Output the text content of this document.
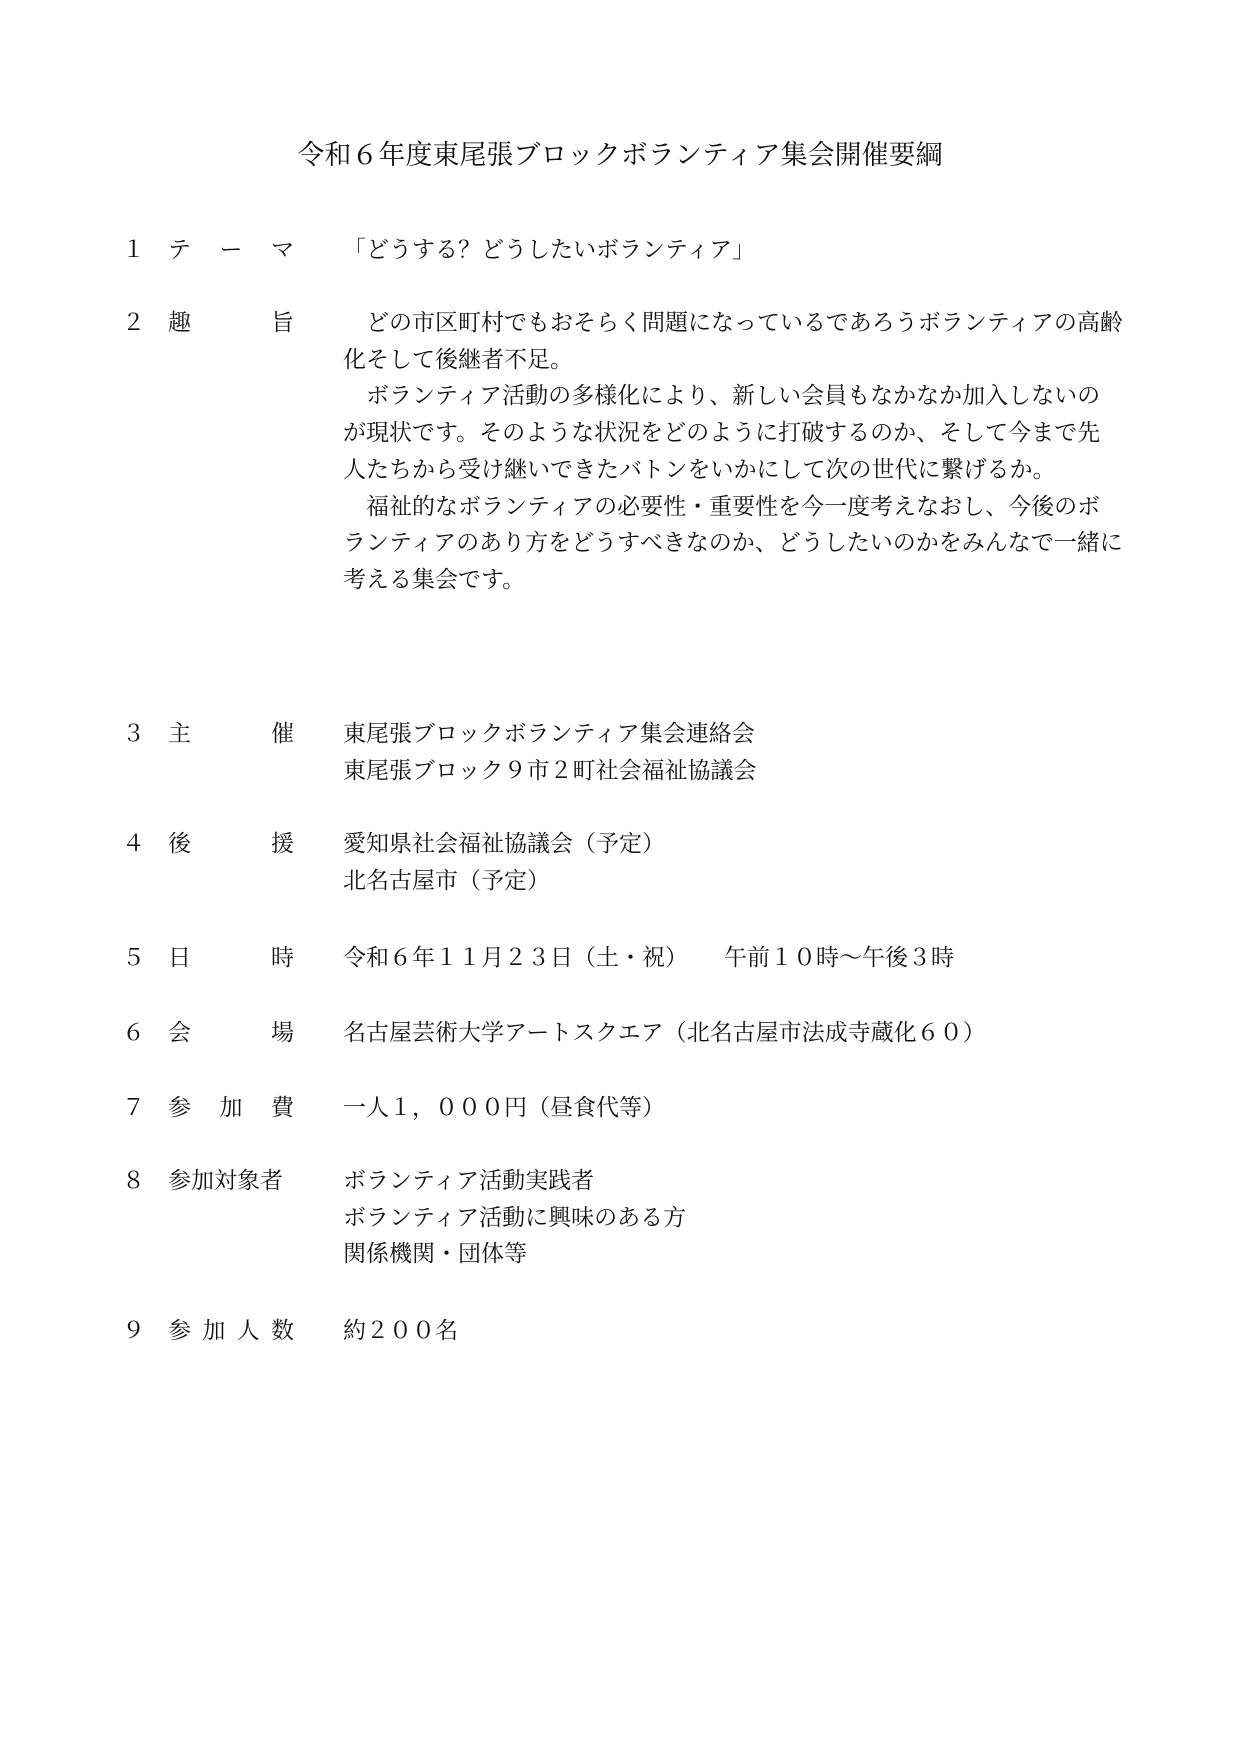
令和６年度東尾張ブロックボランティア集会開催要綱
１ テ ー マ 「どうする？どうしたいボランティア」
２ 趣	旨	どの市区町村でもおそらく問題になっているであろうボランティアの高齢化そして後継者不足。

ボランティア活動の多様化により、新しい会員もなかなか加入しないのが現状です。そのような状況をどのように打破するのか、そして今まで先人たちから受け継いできたバトンをいかにして次の世代に繋げるか。

福祉的なボランティアの必要性・重要性を今一度考えなおし、今後のボランティアのあり方をどうすべきなのか、どうしたいのかをみんなで一緒に考える集会です。

３ 主	催 東尾張ブロックボランティア集会連絡会
東尾張ブロック９市２町社会福祉協議会
４ 後	援 愛知県社会福祉協議会（予定）
北名古屋市（予定）
５ 日	時 令和６年１１月２３日（土・祝） 午前１０時～午後３時
６ 会	場 名古屋芸術大学アートスクエア（北名古屋市法成寺蔵化６０）
７ 参 加 費 一人１，０００円（昼食代等）
８ 参加対象者	ボランティア活動実践者
ボランティア活動に興味のある方
関係機関・団体等
９ 参 加 人 数 約２００名
